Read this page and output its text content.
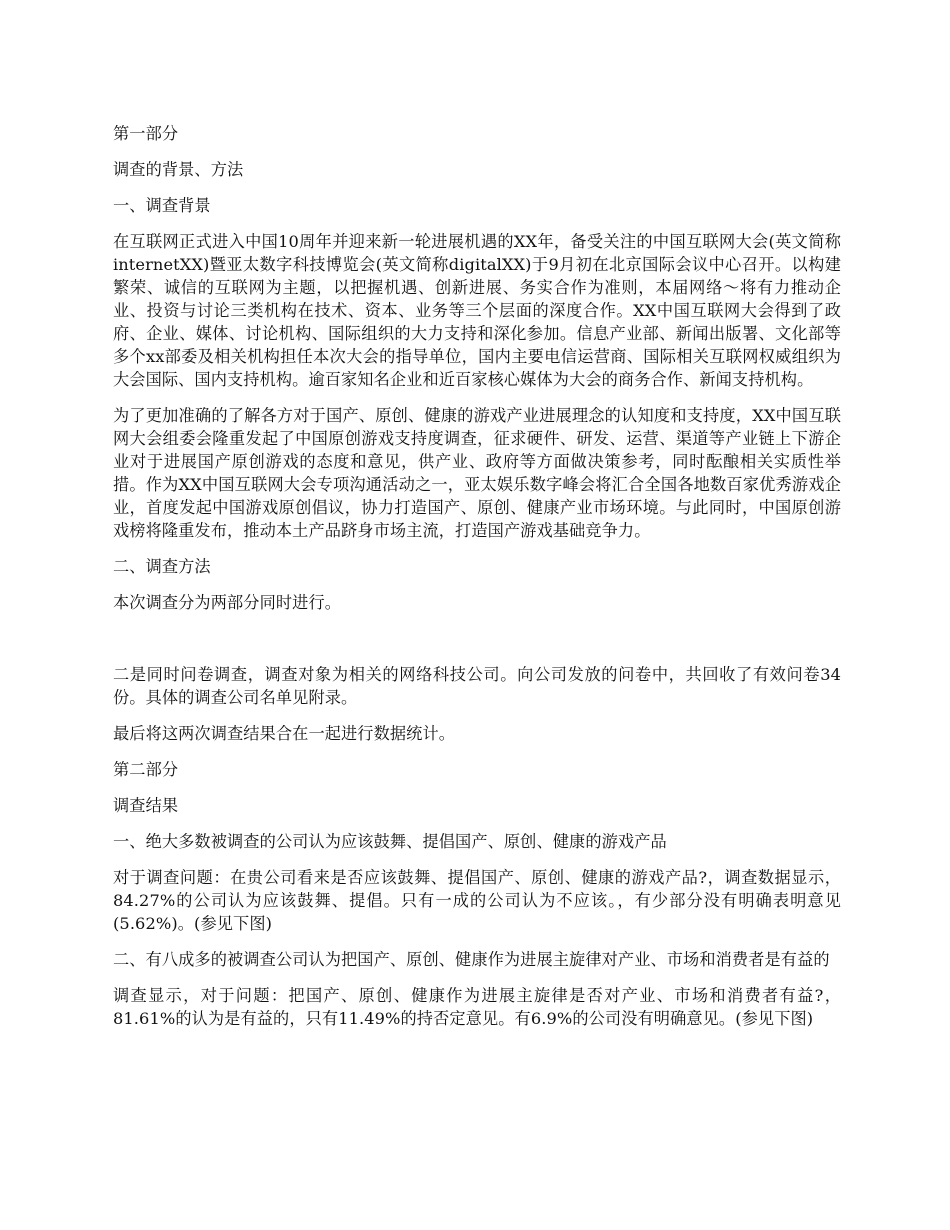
第一部分

调查的背景、方法

一、调查背景

在互联网正式进入中国10周年并迎来新一轮进展机遇的XX年，备受关注的中国互联网大会(英文简称internetXX)暨亚太数字科技博览会(英文简称digitalXX)于9月初在北京国际会议中心召开。以构建繁荣、诚信的互联网为主题，以把握机遇、创新进展、务实合作为准则，本届网络～将有力推动企业、投资与讨论三类机构在技术、资本、业务等三个层面的深度合作。XX中国互联网大会得到了政府、企业、媒体、讨论机构、国际组织的大力支持和深化参加。信息产业部、新闻出版署、文化部等多个xx部委及相关机构担任本次大会的指导单位，国内主要电信运营商、国际相关互联网权威组织为大会国际、国内支持机构。逾百家知名企业和近百家核心媒体为大会的商务合作、新闻支持机构。

为了更加准确的了解各方对于国产、原创、健康的游戏产业进展理念的认知度和支持度，XX中国互联网大会组委会隆重发起了中国原创游戏支持度调查，征求硬件、研发、运营、渠道等产业链上下游企业对于进展国产原创游戏的态度和意见，供产业、政府等方面做决策参考，同时酝酿相关实质性举措。作为XX中国互联网大会专项沟通活动之一，亚太娱乐数字峰会将汇合全国各地数百家优秀游戏企业，首度发起中国游戏原创倡议，协力打造国产、原创、健康产业市场环境。与此同时，中国原创游戏榜将隆重发布，推动本土产品跻身市场主流，打造国产游戏基础竞争力。

二、调查方法

本次调查分为两部分同时进行。

二是同时问卷调查，调查对象为相关的网络科技公司。向公司发放的问卷中，共回收了有效问卷34份。具体的调查公司名单见附录。

最后将这两次调查结果合在一起进行数据统计。

第二部分

调查结果

一、绝大多数被调查的公司认为应该鼓舞、提倡国产、原创、健康的游戏产品

对于调查问题：在贵公司看来是否应该鼓舞、提倡国产、原创、健康的游戏产品?，调查数据显示，84.27%的公司认为应该鼓舞、提倡。只有一成的公司认为不应该。，有少部分没有明确表明意见(5.62%)。(参见下图)

二、有八成多的被调查公司认为把国产、原创、健康作为进展主旋律对产业、市场和消费者是有益的

调查显示，对于问题：把国产、原创、健康作为进展主旋律是否对产业、市场和消费者有益?，81.61%的认为是有益的，只有11.49%的持否定意见。有6.9%的公司没有明确意见。(参见下图)
